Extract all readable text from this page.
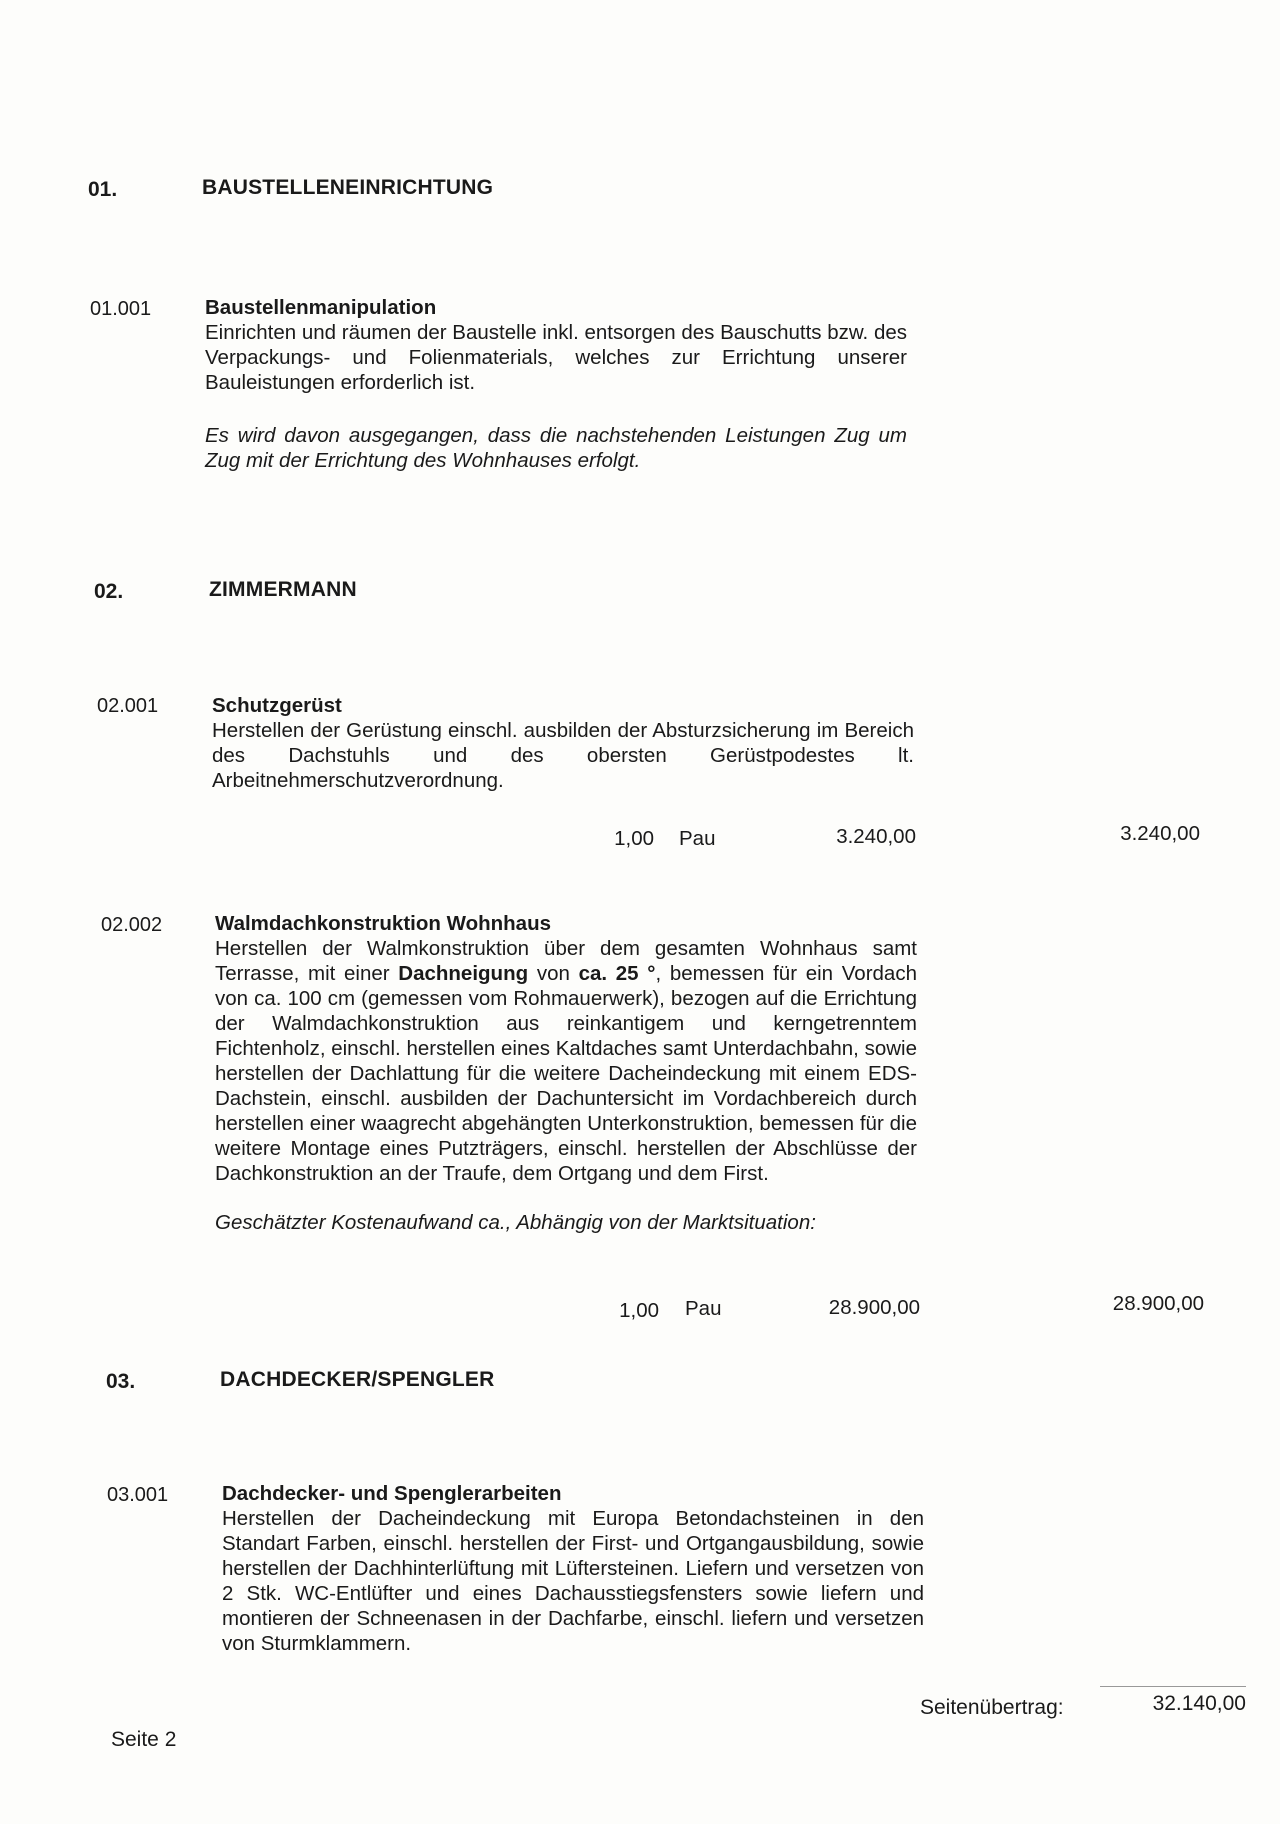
01.	BAUSTELLENEINRICHTUNG
01.001	Baustellenmanipulation

Einrichten und räumen der Baustelle inkl. entsorgen des Bauschutts bzw. des Verpackungs- und Folienmaterials, welches zur Errichtung unserer Bauleistungen erforderlich ist.

Es wird davon ausgegangen, dass die nachstehenden Leistungen Zug um Zug mit der Errichtung des Wohnhauses erfolgt.

02.	ZIMMERMANN
02.001	Schutzgerüst

Herstellen der Gerüstung einschl. ausbilden der Absturzsicherung im Bereich des Dachstuhls und des obersten Gerüstpodestes lt. Arbeitnehmerschutzverordnung.

1,00 Pau	3.240,00	3.240,00
02.002	Walmdachkonstruktion Wohnhaus

Herstellen der Walmkonstruktion über dem gesamten Wohnhaus samt Terrasse, mit einer Dachneigung von ca. 25 °, bemessen für ein Vordach von ca. 100 cm (gemessen vom Rohmauerwerk), bezogen auf die Errichtung der Walmdachkonstruktion aus reinkantigem und kerngetrenntem Fichtenholz, einschl. herstellen eines Kaltdaches samt Unterdachbahn, sowie herstellen der Dachlattung für die weitere Dacheindeckung mit einem EDS-Dachstein, einschl. ausbilden der Dachuntersicht im Vordachbereich durch herstellen einer waagrecht abgehängten Unterkonstruktion, bemessen für die weitere Montage eines Putzträgers, einschl. herstellen der Abschlüsse der Dachkonstruktion an der Traufe, dem Ortgang und dem First.

Geschätzter Kostenaufwand ca., Abhängig von der Marktsituation:

1,00 Pau	28.900,00	28.900,00
03.	DACHDECKER/SPENGLER
03.001	Dachdecker- und Spenglerarbeiten

Herstellen der Dacheindeckung mit Europa Betondachsteinen in den Standart Farben, einschl. herstellen der First- und Ortgangausbildung, sowie herstellen der Dachhinterlüftung mit Lüftersteinen. Liefern und versetzen von 2 Stk. WC-Entlüfter und eines Dachausstiegsfensters sowie liefern und montieren der Schneenasen in der Dachfarbe, einschl. liefern und versetzen von Sturmklammern.

Seitenübertrag:	32.140,00
Seite 2
